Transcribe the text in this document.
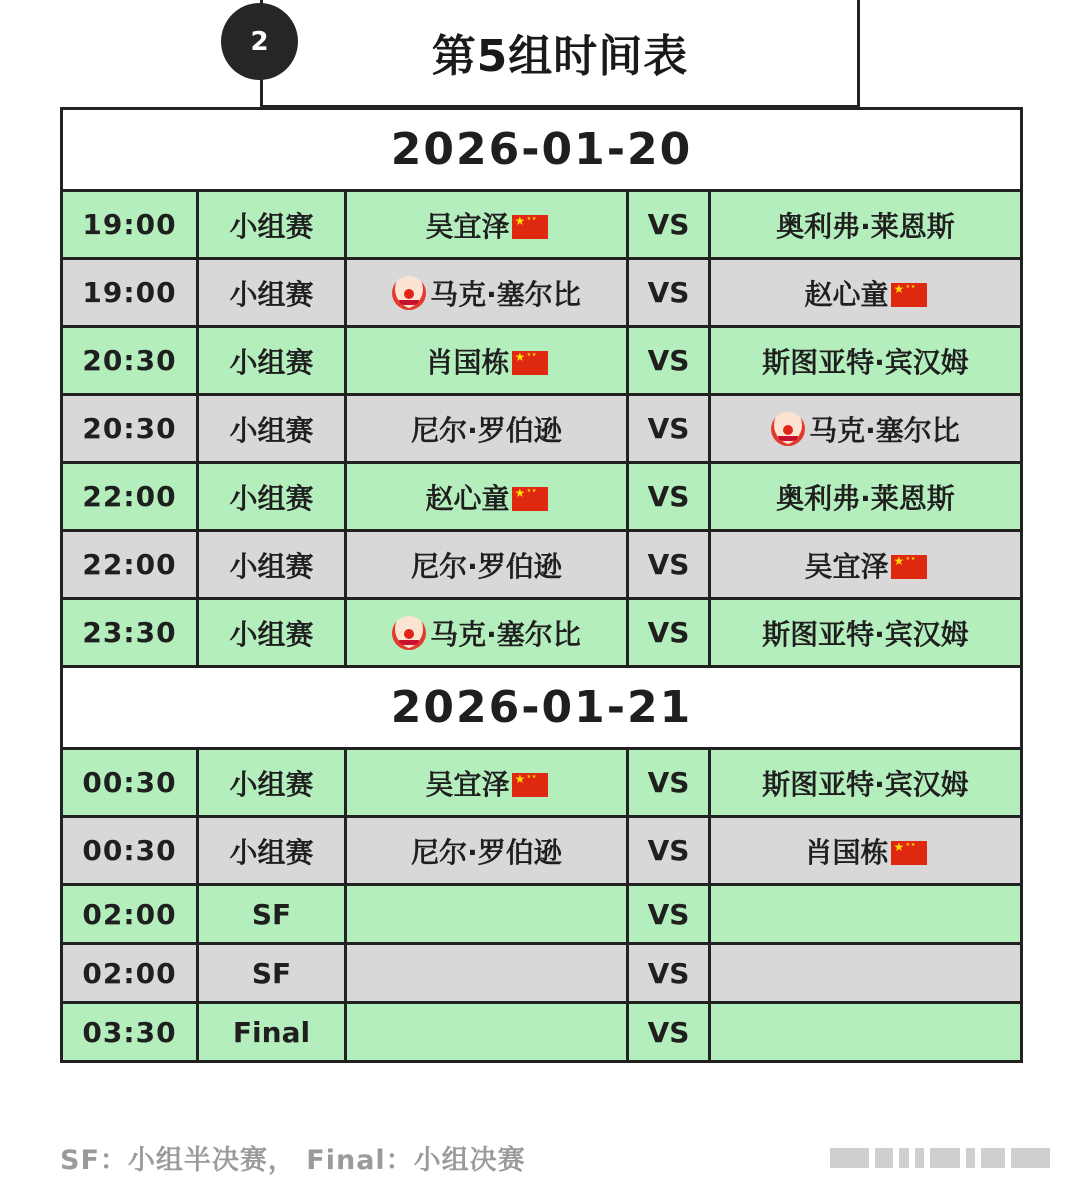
2	第5组时间表
2026-01-20				
19:00	小组赛	吴宜泽★ ★ ★	VS	奥利弗·莱恩斯
19:00	小组赛	马克·塞尔比	VS	赵心童★ ★ ★
20:30	小组赛	肖国栋★ ★ ★	VS	斯图亚特·宾汉姆
20:30	小组赛	尼尔·罗伯逊	VS	马克·塞尔比
22:00	小组赛	赵心童★ ★ ★	VS	奥利弗·莱恩斯
22:00	小组赛	尼尔·罗伯逊	VS	吴宜泽★ ★ ★
23:30	小组赛	马克·塞尔比	VS	斯图亚特·宾汉姆
2026-01-21				
00:30	小组赛	吴宜泽★ ★ ★	VS	斯图亚特·宾汉姆
00:30	小组赛	尼尔·罗伯逊	VS	肖国栋★ ★ ★
02:00	SF		VS	
02:00	SF		VS	
03:30	Final		VS	
SF：小组半决赛， Final：小组决赛
